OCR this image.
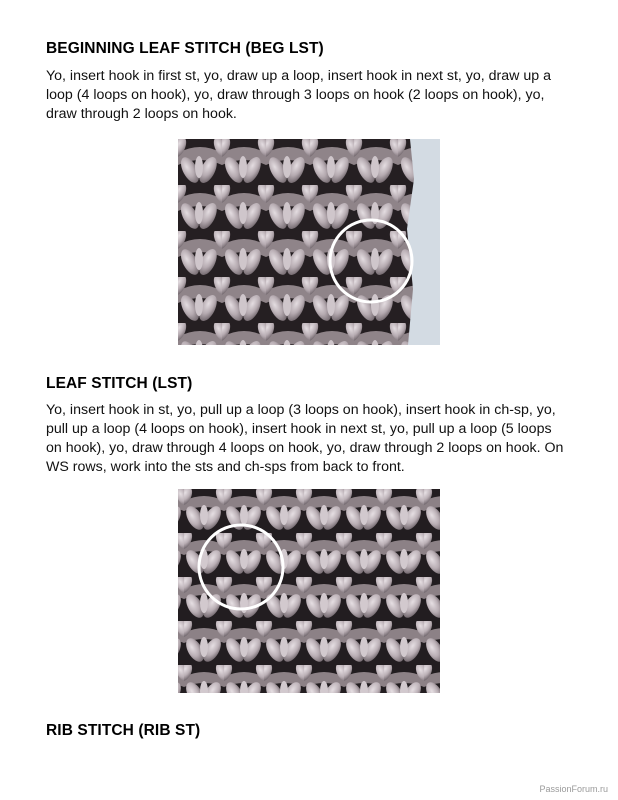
BEGINNING LEAF STITCH (BEG LST)

Yo, insert hook in first st, yo, draw up a loop, insert hook in next st, yo, draw up a loop (4 loops on hook), yo, draw through 3 loops on hook (2 loops on hook), yo, draw through 2 loops on hook.

LEAF STITCH (LST)

Yo, insert hook in st, yo, pull up a loop (3 loops on hook), insert hook in ch-sp, yo, pull up a loop (4 loops on hook), insert hook in next st, yo, pull up a loop (5 loops on hook), yo, draw through 4 loops on hook, yo, draw through 2 loops on hook. On WS rows, work into the sts and ch-sps from back to front.

RIB STITCH (RIB ST)
PassionForum.ru
